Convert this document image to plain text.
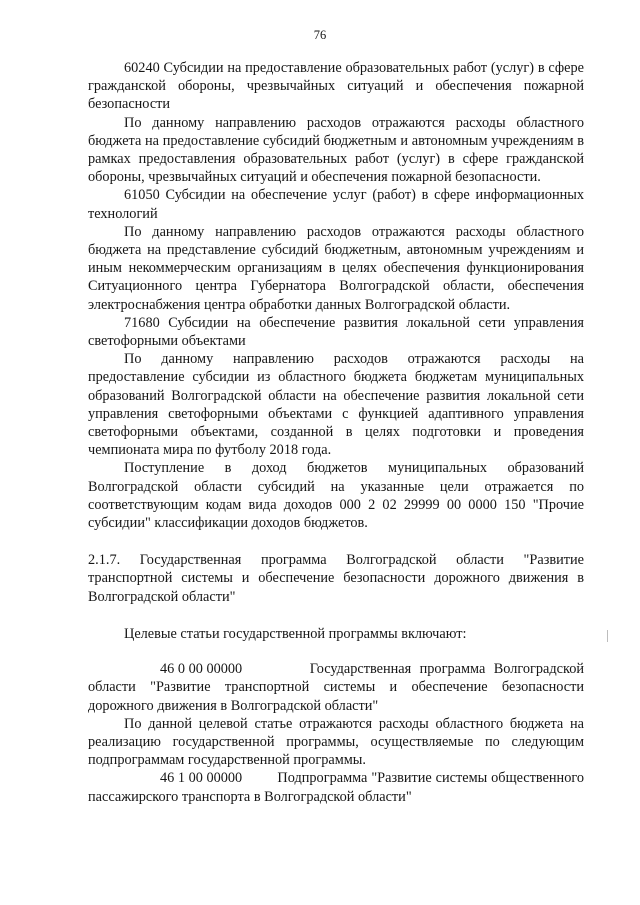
76

60240 Субсидии на предоставление образовательных работ (услуг) в сфере гражданской обороны, чрезвычайных ситуаций и обеспечения пожарной безопасности

По данному направлению расходов отражаются расходы областного бюджета на предоставление субсидий бюджетным и автономным учреждениям в рамках предоставления образовательных работ (услуг) в сфере гражданской обороны, чрезвычайных ситуаций и обеспечения пожарной безопасности.

61050 Субсидии на обеспечение услуг (работ) в сфере информационных технологий

По данному направлению расходов отражаются расходы областного бюджета на представление субсидий бюджетным, автономным учреждениям и иным некоммерческим организациям в целях обеспечения функционирования Ситуационного центра Губернатора Волгоградской области, обеспечения электроснабжения центра обработки данных Волгоградской области.

71680 Субсидии на обеспечение развития локальной сети управления светофорными объектами

По данному направлению расходов отражаются расходы на предоставление субсидии из областного бюджета бюджетам муниципальных образований Волгоградской области на обеспечение развития локальной сети управления светофорными объектами с функцией адаптивного управления светофорными объектами, созданной в целях подготовки и проведения чемпионата мира по футболу 2018 года.

Поступление в доход бюджетов муниципальных образований Волгоградской области субсидий на указанные цели отражается по соответствующим кодам вида доходов 000 2 02 29999 00 0000 150 "Прочие субсидии" классификации доходов бюджетов.

2.1.7. Государственная программа Волгоградской области "Развитие транспортной системы и обеспечение безопасности дорожного движения в Волгоградской области"

Целевые статьи государственной программы включают:

46 0 00 00000	Государственная программа Волгоградской области "Развитие транспортной системы и обеспечение безопасности дорожного движения в Волгоградской области"

По данной целевой статье отражаются расходы областного бюджета на реализацию государственной программы, осуществляемые по следующим подпрограммам государственной программы.

46 1 00 00000 Подпрограмма "Развитие системы общественного пассажирского транспорта в Волгоградской области"
